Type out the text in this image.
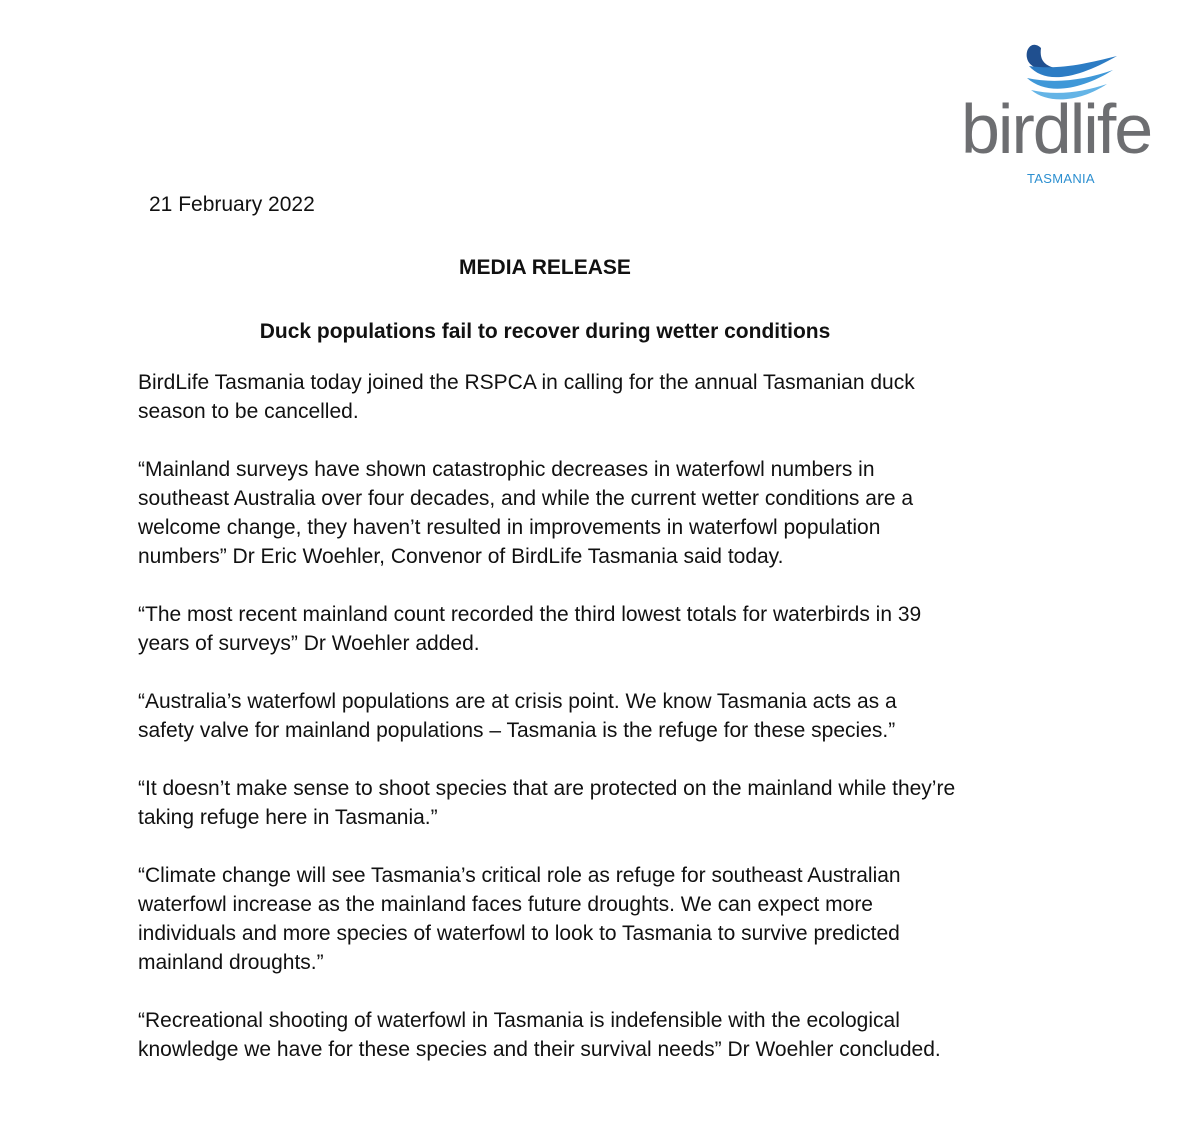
birdlife
TASMANIA
21 February 2022
MEDIA RELEASE
Duck populations fail to recover during wetter conditions

BirdLife Tasmania today joined the RSPCA in calling for the annual Tasmanian duck season to be cancelled.

“Mainland surveys have shown catastrophic decreases in waterfowl numbers in southeast Australia over four decades, and while the current wetter conditions are a welcome change, they haven’t resulted in improvements in waterfowl population numbers” Dr Eric Woehler, Convenor of BirdLife Tasmania said today.

“The most recent mainland count recorded the third lowest totals for waterbirds in 39 years of surveys” Dr Woehler added.

“Australia’s waterfowl populations are at crisis point. We know Tasmania acts as a safety valve for mainland populations – Tasmania is the refuge for these species.”

“It doesn’t make sense to shoot species that are protected on the mainland while they’re taking refuge here in Tasmania.”

“Climate change will see Tasmania’s critical role as refuge for southeast Australian waterfowl increase as the mainland faces future droughts. We can expect more individuals and more species of waterfowl to look to Tasmania to survive predicted mainland droughts.”

“Recreational shooting of waterfowl in Tasmania is indefensible with the ecological knowledge we have for these species and their survival needs” Dr Woehler concluded.
